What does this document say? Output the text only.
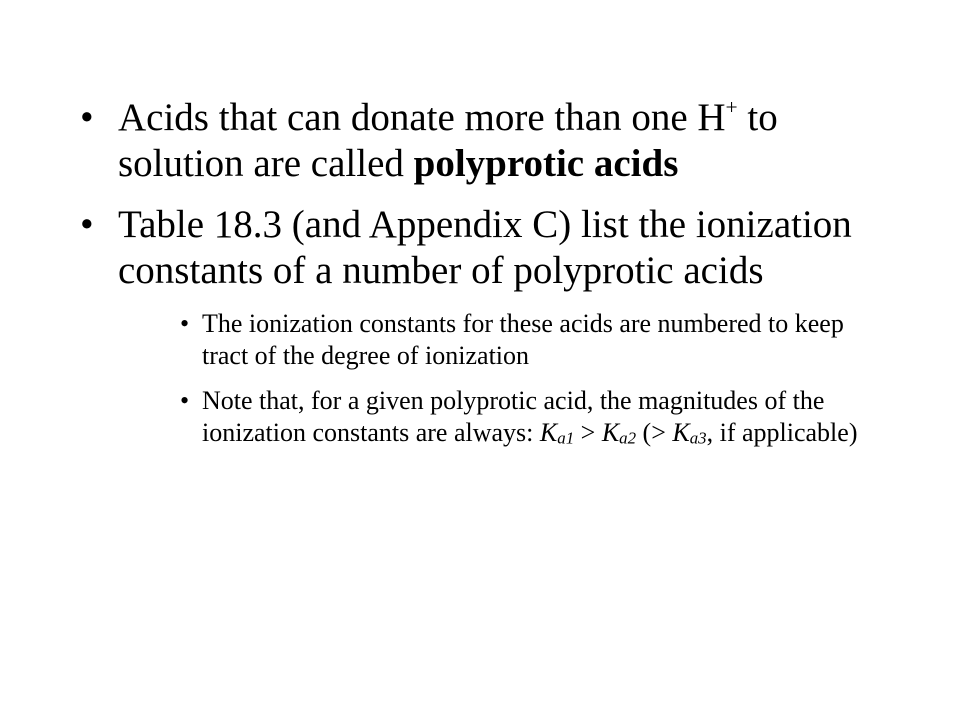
• Acids that can donate more than one H+ to solution are called polyprotic acids
• Table 18.3 (and Appendix C) list the ionization constants of a number of polyprotic acids
• The ionization constants for these acids are numbered to keep tract of the degree of ionization
• Note that, for a given polyprotic acid, the magnitudes of the ionization constants are always: $K_{a1} > K_{a2}$ (> $K_{a3}$, if applicable)
